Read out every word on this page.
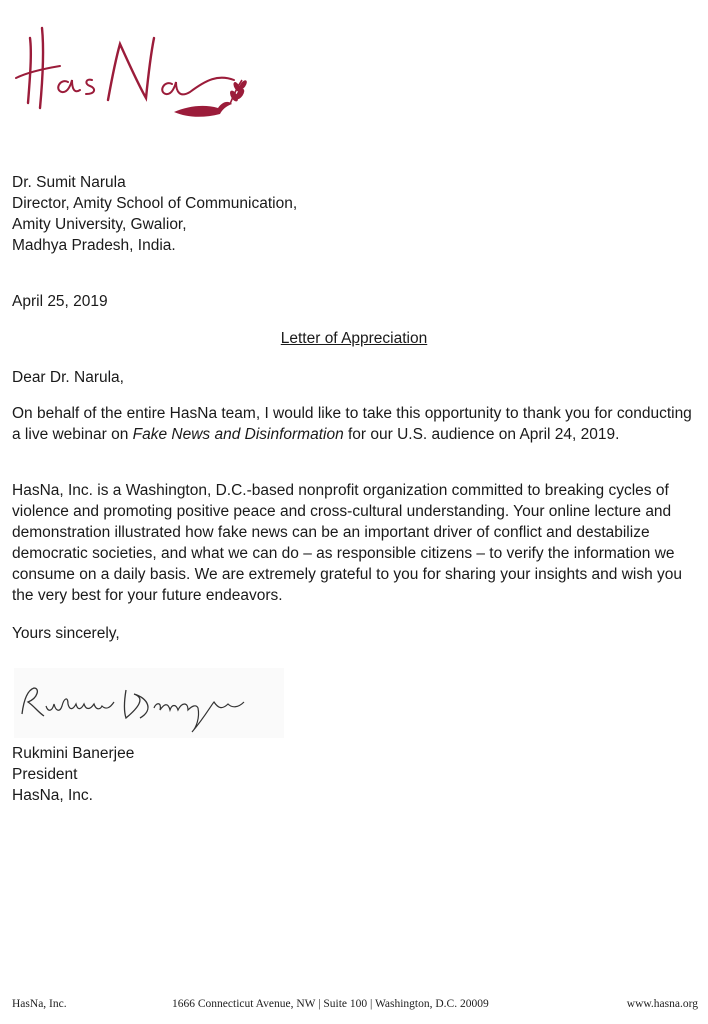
Dr. Sumit Narula
Director, Amity School of Communication,
Amity University, Gwalior,
Madhya Pradesh, India.
April 25, 2019
Letter of Appreciation
Dear Dr. Narula,
On behalf of the entire HasNa team, I would like to take this opportunity to thank you for conducting a live webinar on Fake News and Disinformation for our U.S. audience on April 24, 2019.
HasNa, Inc. is a Washington, D.C.-based nonprofit organization committed to breaking cycles of violence and promoting positive peace and cross-cultural understanding. Your online lecture and demonstration illustrated how fake news can be an important driver of conflict and destabilize democratic societies, and what we can do – as responsible citizens – to verify the information we consume on a daily basis. We are extremely grateful to you for sharing your insights and wish you the very best for your future endeavors.
Yours sincerely,
Rukmini Banerjee
President
HasNa, Inc.
HasNa, Inc.	1666 Connecticut Avenue, NW | Suite 100 | Washington, D.C. 20009	www.hasna.org
